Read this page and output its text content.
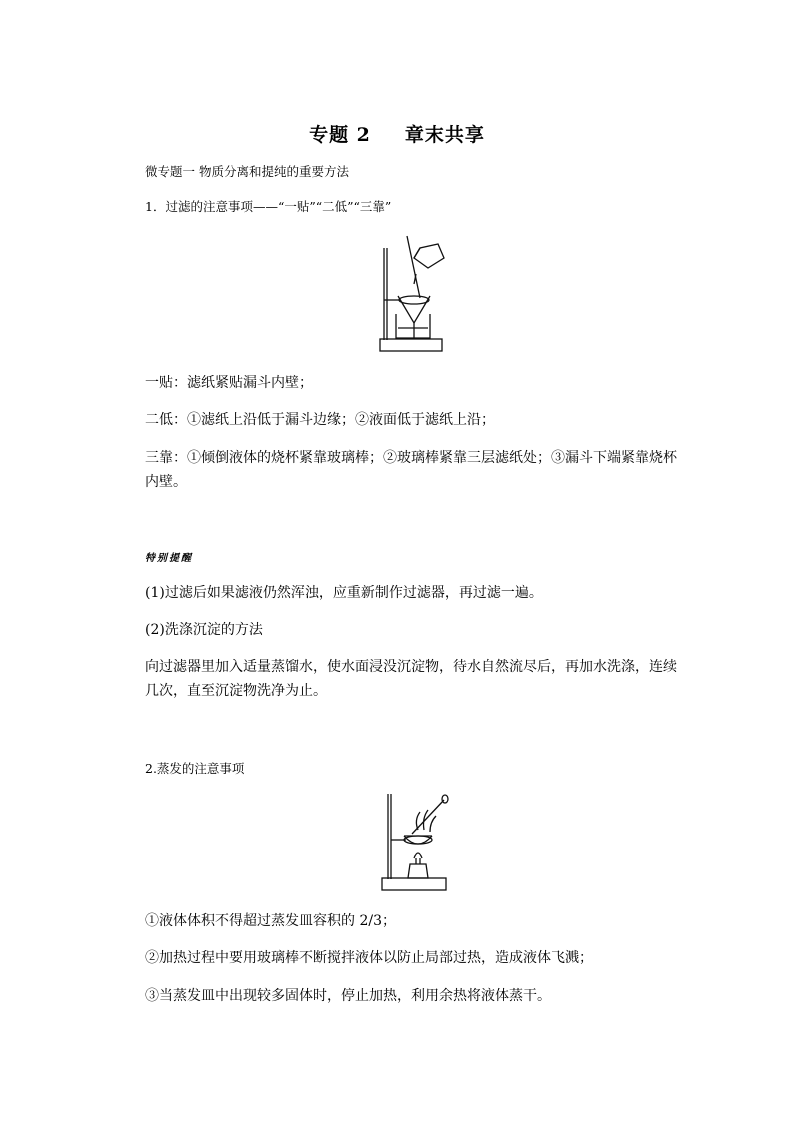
专题 2 章末共享
微专题一 物质分离和提纯的重要方法
1．过滤的注意事项——“一贴”“二低”“三靠”
一贴：滤纸紧贴漏斗内壁；
二低：①滤纸上沿低于漏斗边缘；②液面低于滤纸上沿；
三靠：①倾倒液体的烧杯紧靠玻璃棒；②玻璃棒紧靠三层滤纸处；③漏斗下端紧靠烧杯
内壁。
特别提醒
(1)过滤后如果滤液仍然浑浊，应重新制作过滤器，再过滤一遍。
(2)洗涤沉淀的方法
向过滤器里加入适量蒸馏水，使水面浸没沉淀物，待水自然流尽后，再加水洗涤，连续
几次，直至沉淀物洗净为止。
2.蒸发的注意事项
①液体体积不得超过蒸发皿容积的 2/3；
②加热过程中要用玻璃棒不断搅拌液体以防止局部过热，造成液体飞溅；
③当蒸发皿中出现较多固体时，停止加热，利用余热将液体蒸干。
